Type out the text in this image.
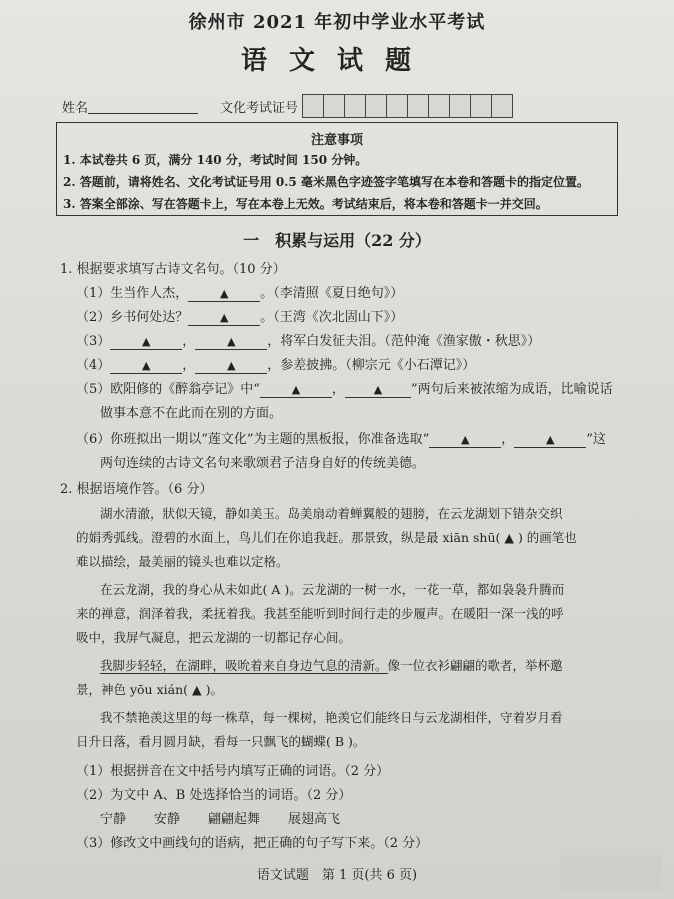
徐州市 2021 年初中学业水平考试
语文试题
姓名	文化考试证号
注意事项
1. 本试卷共 6 页，满分 140 分，考试时间 150 分钟。
2. 答题前，请将姓名、文化考试证号用 0.5 毫米黑色字迹签字笔填写在本卷和答题卡的指定位置。
3. 答案全部涂、写在答题卡上，写在本卷上无效。考试结束后，将本卷和答题卡一并交回。
一　积累与运用（22 分）
1. 根据要求填写古诗文名句。（10 分）
（1）生当作人杰，	▲ 。（李清照《夏日绝句》）
（2）乡书何处达？	▲ 。（王湾《次北固山下》）
（3）	▲ ，	▲ ，将军白发征夫泪。（范仲淹《渔家傲・秋思》）
（4）	▲ ，	▲ ，参差披拂。（柳宗元《小石潭记》）
（5）欧阳修的《醉翁亭记》中“	▲ ，	▲ ”两句后来被浓缩为成语，比喻说话
做事本意不在此而在别的方面。
（6）你班拟出一期以“莲文化”为主题的黑板报，你准备选取“	▲ ，	▲ ”这
两句连续的古诗文名句来歌颂君子洁身自好的传统美德。
2. 根据语境作答。（6 分）
湖水清澈，狀似天镜，静如美玉。岛美扇动着蝉翼般的翅膀，在云龙湖划下错杂交织
的娟秀弧线。澄碧的水面上，鸟儿们在你追我赶。那景致，纵是最 xiān shū( ▲ ) 的画笔也
难以描绘，最美丽的镜头也难以定格。
在云龙湖，我的身心从未如此( A )。云龙湖的一树一水，一花一草，都如袅袅升腾而
来的禅意，润泽着我，柔抚着我。我甚至能听到时间行走的步履声。在暖阳一深一浅的呼
吸中，我屏气凝息，把云龙湖的一切都记存心间。
我脚步轻轻，在湖畔，吸吮着来自身边气息的清新。像一位衣衫翩翩的歌者，举杯邀
景，神色 yōu xián( ▲ )。
我不禁艳羡这里的每一株草，每一棵树，艳羡它们能终日与云龙湖相伴，守着岁月看
日升日落，看月圆月缺，看每一只飘飞的蝴蝶( B )。
（1）根据拼音在文中括号内填写正确的词语。（2 分）
（2）为文中 A、B 处选择恰当的词语。（2 分）
宁静 安静 翩翩起舞 展翅高飞
（3）修改文中画线句的语病，把正确的句子写下来。（2 分）
语文试题　第 1 页(共 6 页)
